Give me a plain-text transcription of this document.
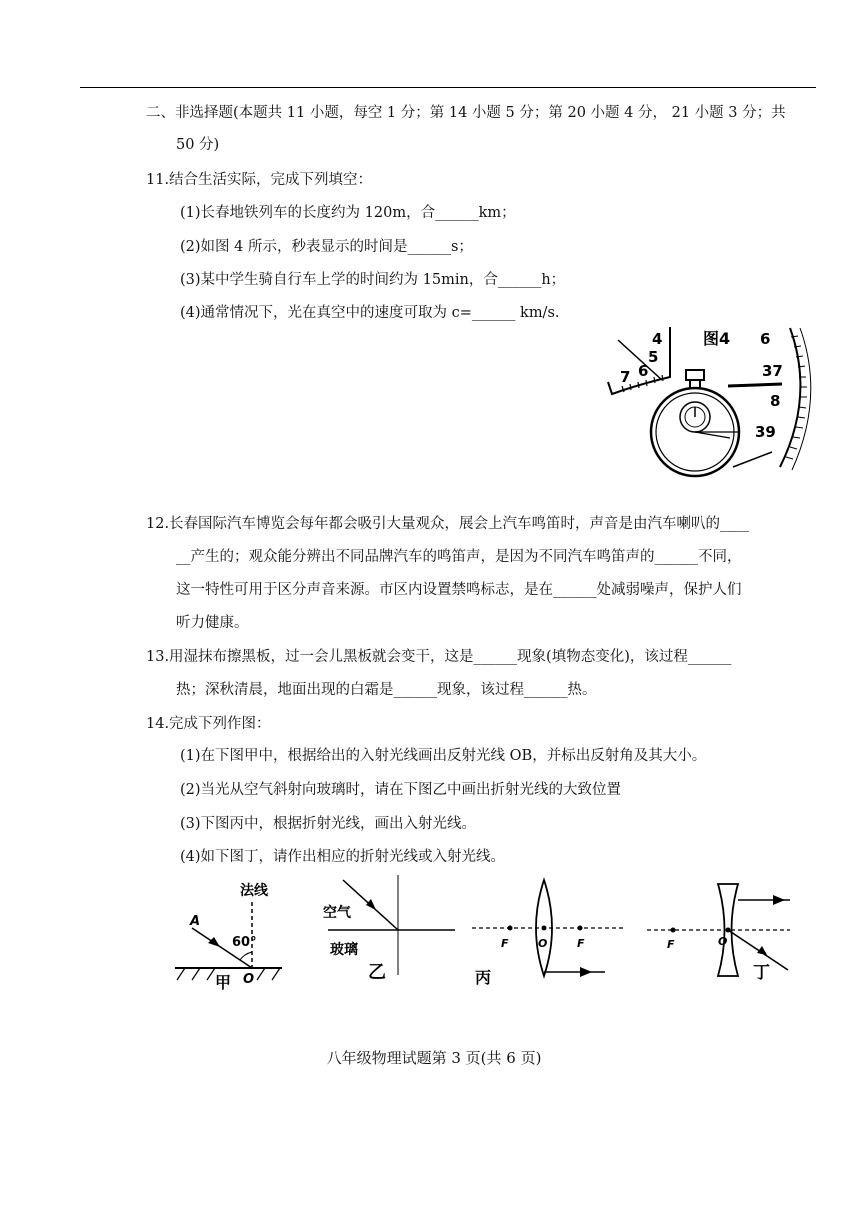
二、非选择题(本题共 11 小题，每空 1 分；第 14 小题 5 分；第 20 小题 4 分， 21 小题 3 分；共
50 分)
11.结合生活实际，完成下列填空：
(1)长春地铁列车的长度约为 120m，合______km；
(2)如图 4 所示，秒表显示的时间是______s；
(3)某中学生骑自行车上学的时间约为 15min，合______h；
(4)通常情况下，光在真空中的速度可取为 c=______ km/s.
4
5
6
7
图4 6
37
8
39
12.长春国际汽车博览会每年都会吸引大量观众，展会上汽车鸣笛时，声音是由汽车喇叭的____
__产生的；观众能分辨出不同品牌汽车的鸣笛声，是因为不同汽车鸣笛声的______不同，
这一特性可用于区分声音来源。市区内设置禁鸣标志，是在______处减弱噪声，保护人们
听力健康。
13.用湿抹布擦黑板，过一会儿黑板就会变干，这是______现象(填物态变化)，该过程______
热；深秋清晨，地面出现的白霜是______现象，该过程______热。
14.完成下列作图：
(1)在下图甲中，根据给出的入射光线画出反射光线 OB，并标出反射角及其大小。
(2)当光从空气斜射向玻璃时，请在下图乙中画出折射光线的大致位置
(3)下图丙中，根据折射光线，画出入射光线。
(4)如下图丁，请作出相应的折射光线或入射光线。
法线
A
60°
O
甲
空气
玻璃
乙
F	O	F
丙
F	O
丁
八年级物理试题第 3 页(共 6 页)
